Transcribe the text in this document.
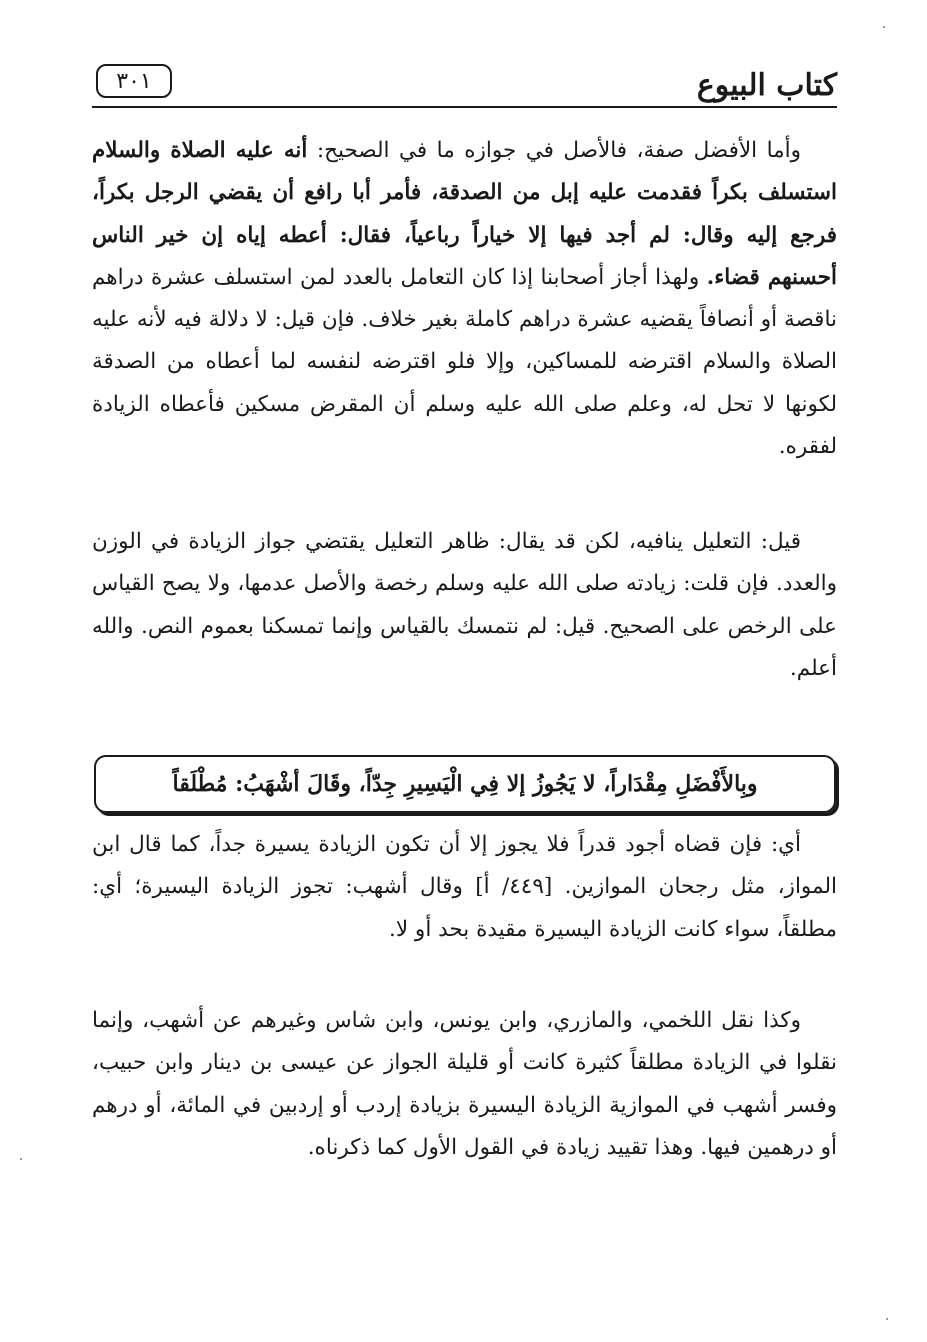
كتاب البيوع
٣٠١
وأما الأفضل صفة، فالأصل في جوازه ما في الصحيح: أنه عليه الصلاة والسلام استسلف بكراً فقدمت عليه إبل من الصدقة، فأمر أبا رافع أن يقضي الرجل بكراً، فرجع إليه وقال: لم أجد فيها إلا خياراً رباعياً، فقال: أعطه إياه إن خير الناس أحسنهم قضاء. ولهذا أجاز أصحابنا إذا كان التعامل بالعدد لمن استسلف عشرة دراهم ناقصة أو أنصافاً يقضيه عشرة دراهم كاملة بغير خلاف. فإن قيل: لا دلالة فيه لأنه عليه الصلاة والسلام اقترضه للمساكين، وإلا فلو اقترضه لنفسه لما أعطاه من الصدقة لكونها لا تحل له، وعلم صلى الله عليه وسلم أن المقرض مسكين فأعطاه الزيادة لفقره.
قيل: التعليل ينافيه، لكن قد يقال: ظاهر التعليل يقتضي جواز الزيادة في الوزن والعدد. فإن قلت: زيادته صلى الله عليه وسلم رخصة والأصل عدمها، ولا يصح القياس على الرخص على الصحيح. قيل: لم نتمسك بالقياس وإنما تمسكنا بعموم النص. والله أعلم.
وبِالأَفْضَلِ مِقْدَاراً، لا يَجُوزُ إلا فِي الْيَسِيرِ جِدّاً، وقَالَ أشْهَبُ: مُطْلَقاً
أي: فإن قضاه أجود قدراً فلا يجوز إلا أن تكون الزيادة يسيرة جداً، كما قال ابن المواز، مثل رجحان الموازين. [٤٤٩/ أ] وقال أشهب: تجوز الزيادة اليسيرة؛ أي: مطلقاً، سواء كانت الزيادة اليسيرة مقيدة بحد أو لا.
وكذا نقل اللخمي، والمازري، وابن يونس، وابن شاس وغيرهم عن أشهب، وإنما نقلوا في الزيادة مطلقاً كثيرة كانت أو قليلة الجواز عن عيسى بن دينار وابن حبيب، وفسر أشهب في الموازية الزيادة اليسيرة بزيادة إردب أو إردبين في المائة، أو درهم أو درهمين فيها. وهذا تقييد زيادة في القول الأول كما ذكرناه.
